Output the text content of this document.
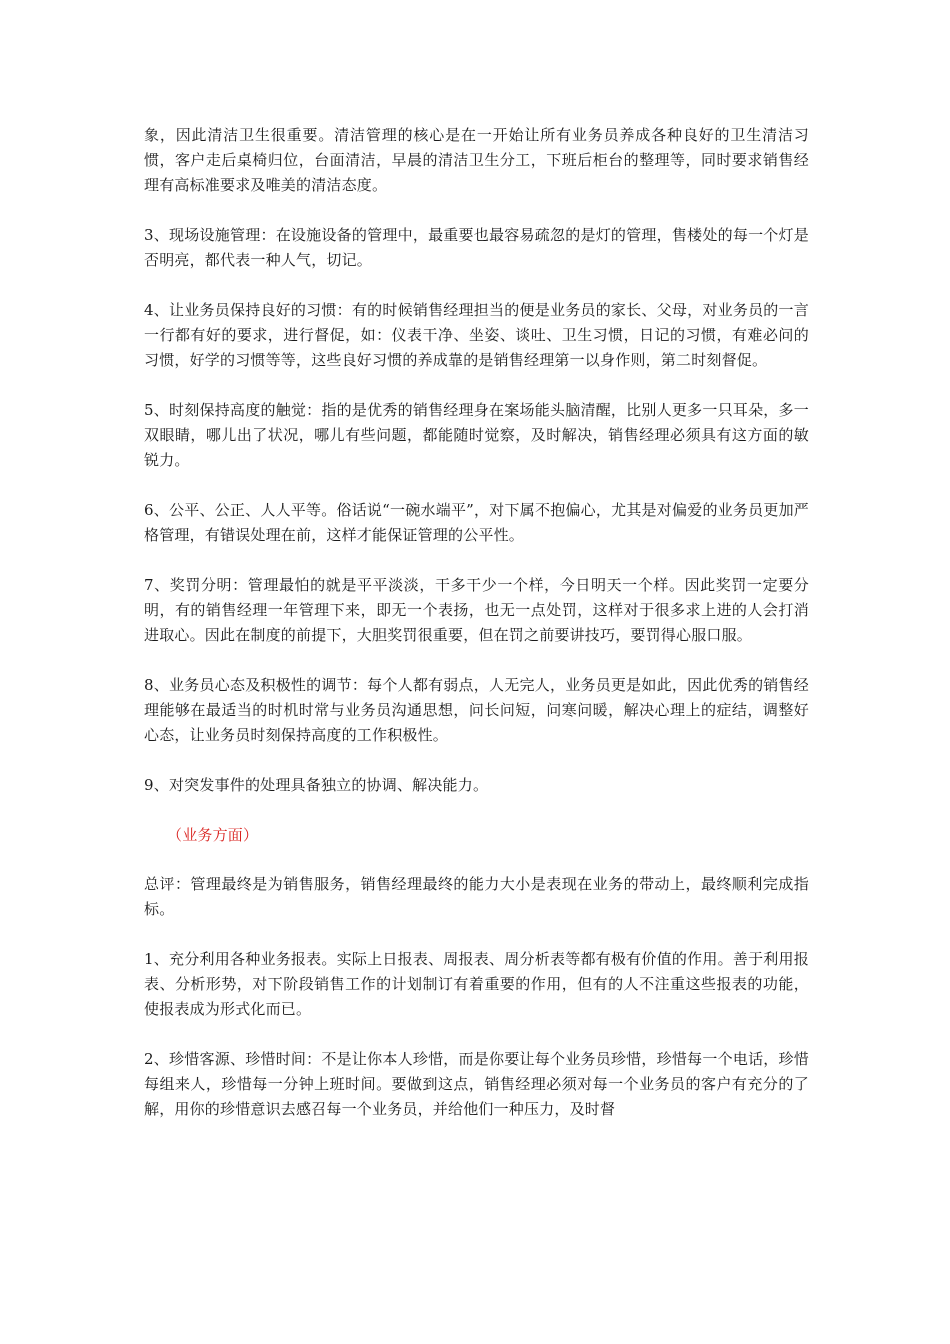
象，因此清洁卫生很重要。清洁管理的核心是在一开始让所有业务员养成各种良好的卫生清洁习惯，客户走后桌椅归位，台面清洁，早晨的清洁卫生分工，下班后柜台的整理等，同时要求销售经理有高标准要求及唯美的清洁态度。

3、现场设施管理：在设施设备的管理中，最重要也最容易疏忽的是灯的管理，售楼处的每一个灯是否明亮，都代表一种人气，切记。

4、让业务员保持良好的习惯：有的时候销售经理担当的便是业务员的家长、父母，对业务员的一言一行都有好的要求，进行督促，如：仪表干净、坐姿、谈吐、卫生习惯，日记的习惯，有难必问的习惯，好学的习惯等等，这些良好习惯的养成靠的是销售经理第一以身作则，第二时刻督促。

5、时刻保持高度的触觉：指的是优秀的销售经理身在案场能头脑清醒，比别人更多一只耳朵，多一双眼睛，哪儿出了状况，哪儿有些问题，都能随时觉察，及时解决，销售经理必须具有这方面的敏锐力。

6、公平、公正、人人平等。俗话说“一碗水端平”，对下属不抱偏心，尤其是对偏爱的业务员更加严格管理，有错误处理在前，这样才能保证管理的公平性。

7、奖罚分明：管理最怕的就是平平淡淡，干多干少一个样，今日明天一个样。因此奖罚一定要分明，有的销售经理一年管理下来，即无一个表扬，也无一点处罚，这样对于很多求上进的人会打消进取心。因此在制度的前提下，大胆奖罚很重要，但在罚之前要讲技巧，要罚得心服口服。

8、业务员心态及积极性的调节：每个人都有弱点，人无完人，业务员更是如此，因此优秀的销售经理能够在最适当的时机时常与业务员沟通思想，问长问短，问寒问暖，解决心理上的症结，调整好心态，让业务员时刻保持高度的工作积极性。

9、对突发事件的处理具备独立的协调、解决能力。

（业务方面）

总评：管理最终是为销售服务，销售经理最终的能力大小是表现在业务的带动上，最终顺利完成指标。

1、充分利用各种业务报表。实际上日报表、周报表、周分析表等都有极有价值的作用。善于利用报表、分析形势，对下阶段销售工作的计划制订有着重要的作用，但有的人不注重这些报表的功能，使报表成为形式化而已。

2、珍惜客源、珍惜时间：不是让你本人珍惜，而是你要让每个业务员珍惜，珍惜每一个电话，珍惜每组来人，珍惜每一分钟上班时间。要做到这点，销售经理必须对每一个业务员的客户有充分的了解，用你的珍惜意识去感召每一个业务员，并给他们一种压力，及时督
